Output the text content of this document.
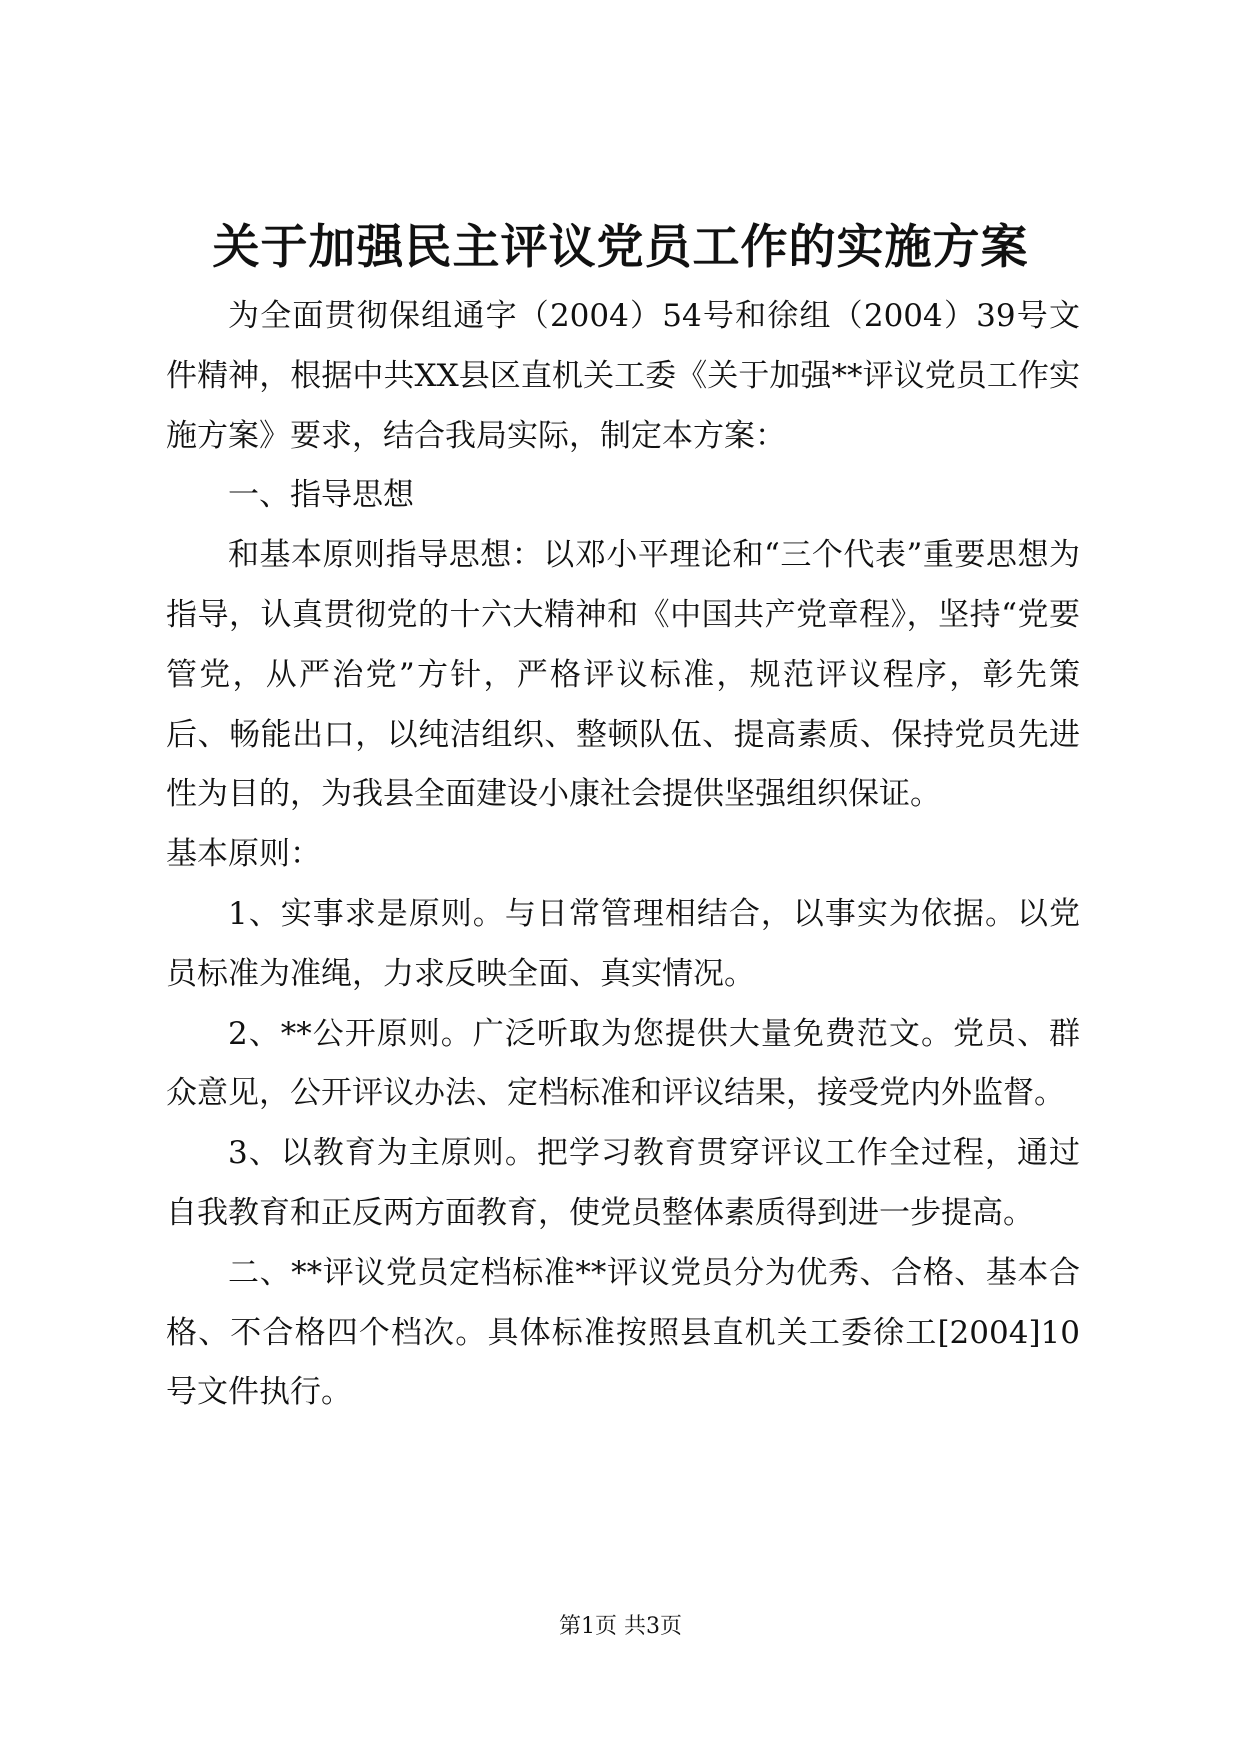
关于加强民主评议党员工作的实施方案

为全面贯彻保组通字（2004）54号和徐组（2004）39号文件精神，根据中共XX县区直机关工委《关于加强**评议党员工作实施方案》要求，结合我局实际，制定本方案：

一、指导思想

和基本原则指导思想：以邓小平理论和“三个代表”重要思想为指导，认真贯彻党的十六大精神和《中国共产党章程》，坚持“党要管党，从严治党”方针，严格评议标准，规范评议程序，彰先策后、畅能出口，以纯洁组织、整顿队伍、提高素质、保持党员先进性为目的，为我县全面建设小康社会提供坚强组织保证。

基本原则：

1、实事求是原则。与日常管理相结合，以事实为依据。以党员标准为准绳，力求反映全面、真实情况。

2、**公开原则。广泛听取为您提供大量免费范文。党员、群众意见，公开评议办法、定档标准和评议结果，接受党内外监督。

3、以教育为主原则。把学习教育贯穿评议工作全过程，通过自我教育和正反两方面教育，使党员整体素质得到进一步提高。

二、**评议党员定档标准**评议党员分为优秀、合格、基本合格、不合格四个档次。具体标准按照县直机关工委徐工[2004]10号文件执行。

第1页 共3页
